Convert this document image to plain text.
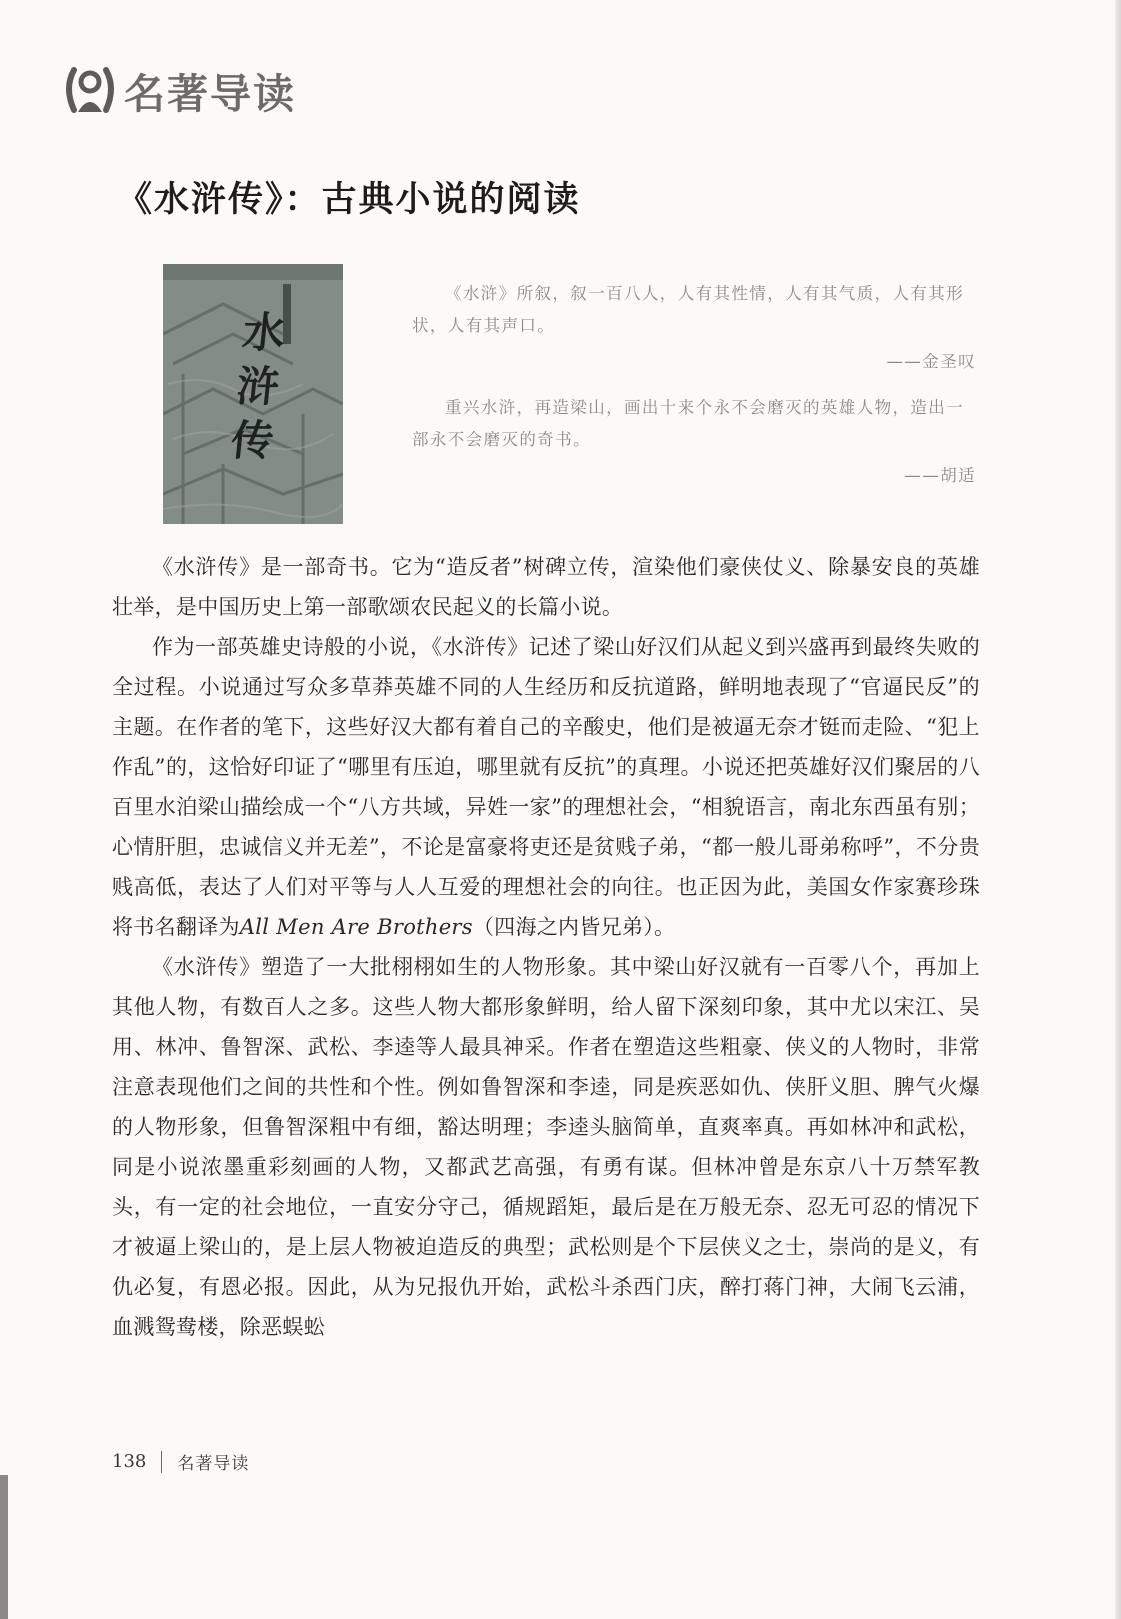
名著导读
《水浒传》：古典小说的阅读
水浒传

《水浒》所叙，叙一百八人，人有其性情，人有其气质，人有其形状，人有其声口。

——金圣叹

重兴水浒，再造梁山，画出十来个永不会磨灭的英雄人物，造出一部永不会磨灭的奇书。

——胡适

《水浒传》是一部奇书。它为“造反者”树碑立传，渲染他们豪侠仗义、除暴安良的英雄壮举，是中国历史上第一部歌颂农民起义的长篇小说。

作为一部英雄史诗般的小说，《水浒传》记述了梁山好汉们从起义到兴盛再到最终失败的全过程。小说通过写众多草莽英雄不同的人生经历和反抗道路，鲜明地表现了“官逼民反”的主题。在作者的笔下，这些好汉大都有着自己的辛酸史，他们是被逼无奈才铤而走险、“犯上作乱”的，这恰好印证了“哪里有压迫，哪里就有反抗”的真理。小说还把英雄好汉们聚居的八百里水泊梁山描绘成一个“八方共域，异姓一家”的理想社会，“相貌语言，南北东西虽有别；心情肝胆，忠诚信义并无差”，不论是富豪将吏还是贫贱子弟，“都一般儿哥弟称呼”，不分贵贱高低，表达了人们对平等与人人互爱的理想社会的向往。也正因为此，美国女作家赛珍珠将书名翻译为All Men Are Brothers（四海之内皆兄弟）。

《水浒传》塑造了一大批栩栩如生的人物形象。其中梁山好汉就有一百零八个，再加上其他人物，有数百人之多。这些人物大都形象鲜明，给人留下深刻印象，其中尤以宋江、吴用、林冲、鲁智深、武松、李逵等人最具神采。作者在塑造这些粗豪、侠义的人物时，非常注意表现他们之间的共性和个性。例如鲁智深和李逵，同是疾恶如仇、侠肝义胆、脾气火爆的人物形象，但鲁智深粗中有细，豁达明理；李逵头脑简单，直爽率真。再如林冲和武松，同是小说浓墨重彩刻画的人物，又都武艺高强，有勇有谋。但林冲曾是东京八十万禁军教头，有一定的社会地位，一直安分守己，循规蹈矩，最后是在万般无奈、忍无可忍的情况下才被逼上梁山的，是上层人物被迫造反的典型；武松则是个下层侠义之士，崇尚的是义，有仇必复，有恩必报。因此，从为兄报仇开始，武松斗杀西门庆，醉打蒋门神，大闹飞云浦，血溅鸳鸯楼，除恶蜈蚣

138 名著导读
